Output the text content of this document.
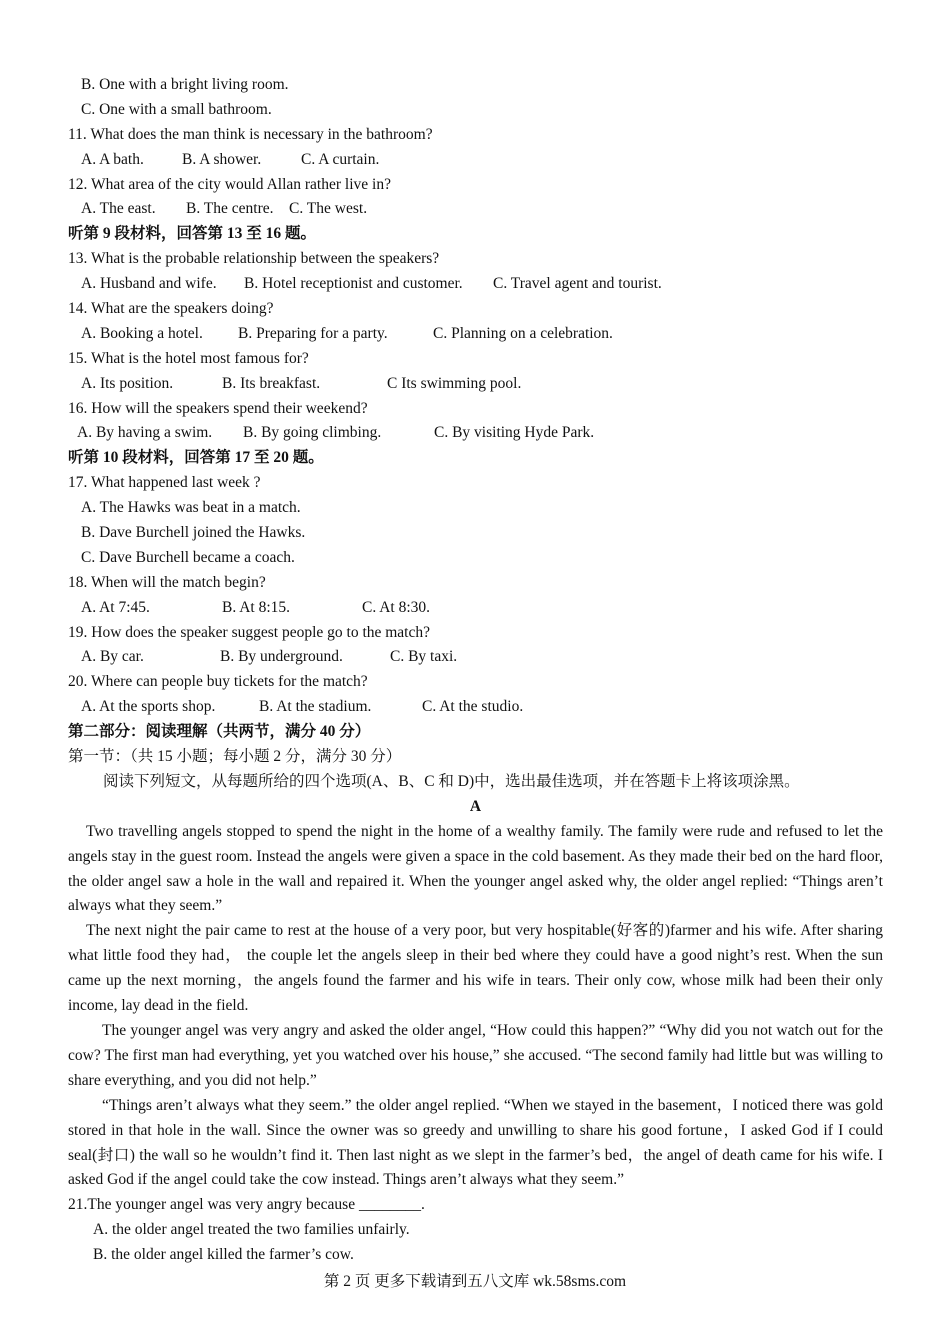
B. One with a bright living room.
C. One with a small bathroom.
11. What does the man think is necessary in the bathroom?
A. A bath. B. A shower.	C. A curtain.
12. What area of the city would Allan rather live in?
A. The east. B. The centre. C. The west.
听第 9 段材料，回答第 13 至 16 题。
13. What is the probable relationship between the speakers?
A. Husband and wife. B. Hotel receptionist and customer. C. Travel agent and tourist.
14. What are the speakers doing?
A. Booking a hotel. B. Preparing for a party.	C. Planning on a celebration.
15. What is the hotel most famous for?
A. Its position.	B. Its breakfast.	C Its swimming pool.
16. How will the speakers spend their weekend?
A. By having a swim. B. By going climbing.	C. By visiting Hyde Park.
听第 10 段材料，回答第 17 至 20 题。
17. What happened last week ?
A. The Hawks was beat in a match.
B. Dave Burchell joined the Hawks.
C. Dave Burchell became a coach.
18. When will the match begin?
A. At 7:45.	B. At 8:15.	C. At 8:30.
19. How does the speaker suggest people go to the match?
A. By car.	B. By underground.	C. By taxi.
20. Where can people buy tickets for the match?
A. At the sports shop.	B. At the stadium.	C. At the studio.
第二部分：阅读理解（共两节，满分 40 分）
第一节：（共 15 小题；每小题 2 分，满分 30 分）
阅读下列短文，从每题所给的四个选项(A、B、C 和 D)中，选出最佳选项，并在答题卡上将该项涂黑。
A

Two travelling angels stopped to spend the night in the home of a wealthy family. The family were rude and refused to let the angels stay in the guest room. Instead the angels were given a space in the cold basement. As they made their bed on the hard floor, the older angel saw a hole in the wall and repaired it. When the younger angel asked why, the older angel replied: “Things aren’t always what they seem.”

The next night the pair came to rest at the house of a very poor, but very hospitable(好客的)farmer and his wife. After sharing what little food they had， the couple let the angels sleep in their bed where they could have a good night’s rest. When the sun came up the next morning，the angels found the farmer and his wife in tears. Their only cow, whose milk had been their only income, lay dead in the field.

The younger angel was very angry and asked the older angel, “How could this happen?” “Why did you not watch out for the cow? The first man had everything, yet you watched over his house,” she accused. “The second family had little but was willing to share everything, and you did not help.”

“Things aren’t always what they seem.” the older angel replied. “When we stayed in the basement，I noticed there was gold stored in that hole in the wall. Since the owner was so greedy and unwilling to share his good fortune，I asked God if I could seal(封口) the wall so he wouldn’t find it. Then last night as we slept in the farmer’s bed，the angel of death came for his wife. I asked God if the angel could take the cow instead. Things aren’t always what they seem.”

21.The younger angel was very angry because ________.
A. the older angel treated the two families unfairly.
B. the older angel killed the farmer’s cow.
第 2 页 更多下载请到五八文库 wk.58sms.com
